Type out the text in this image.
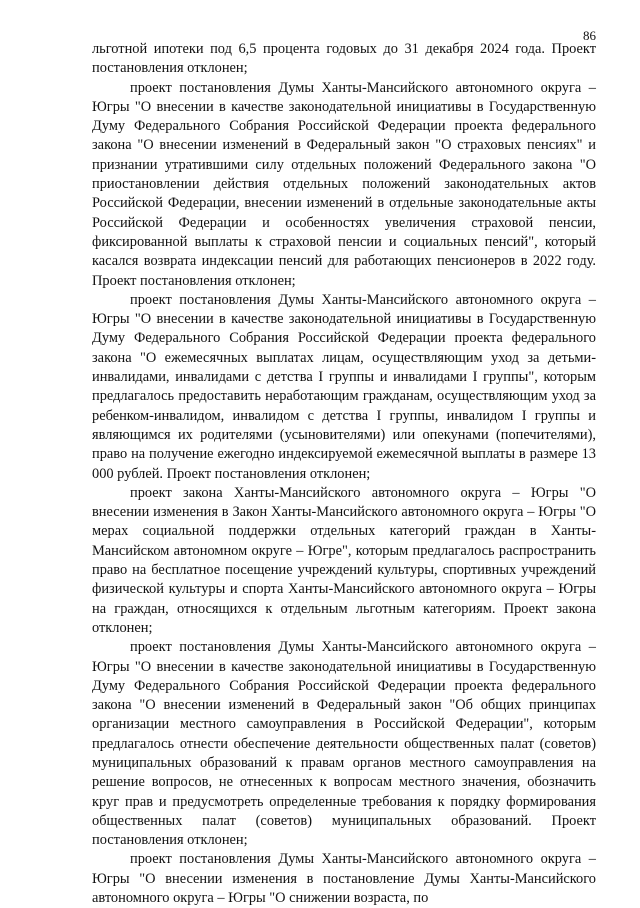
86

льготной ипотеки под 6,5 процента годовых до 31 декабря 2024 года. Проект постановления отклонен;

проект постановления Думы Ханты-Мансийского автономного округа – Югры "О внесении в качестве законодательной инициативы в Государственную Думу Федерального Собрания Российской Федерации проекта федерального закона "О внесении изменений в Федеральный закон "О страховых пенсиях" и признании утратившими силу отдельных положений Федерального закона "О приостановлении действия отдельных положений законодательных актов Российской Федерации, внесении изменений в отдельные законодательные акты Российской Федерации и особенностях увеличения страховой пенсии, фиксированной выплаты к страховой пенсии и социальных пенсий", который касался возврата индексации пенсий для работающих пенсионеров в 2022 году. Проект постановления отклонен;

проект постановления Думы Ханты-Мансийского автономного округа – Югры "О внесении в качестве законодательной инициативы в Государственную Думу Федерального Собрания Российской Федерации проекта федерального закона "О ежемесячных выплатах лицам, осуществляющим уход за детьми-инвалидами, инвалидами с детства I группы и инвалидами I группы", которым предлагалось предоставить неработающим гражданам, осуществляющим уход за ребенком-инвалидом, инвалидом с детства I группы, инвалидом I группы и являющимся их родителями (усыновителями) или опекунами (попечителями), право на получение ежегодно индексируемой ежемесячной выплаты в размере 13 000 рублей. Проект постановления отклонен;

проект закона Ханты-Мансийского автономного округа – Югры "О внесении изменения в Закон Ханты-Мансийского автономного округа – Югры "О мерах социальной поддержки отдельных категорий граждан в Ханты-Мансийском автономном округе – Югре", которым предлагалось распространить право на бесплатное посещение учреждений культуры, спортивных учреждений физической культуры и спорта Ханты-Мансийского автономного округа – Югры на граждан, относящихся к отдельным льготным категориям. Проект закона отклонен;

проект постановления Думы Ханты-Мансийского автономного округа – Югры "О внесении в качестве законодательной инициативы в Государственную Думу Федерального Собрания Российской Федерации проекта федерального закона "О внесении изменений в Федеральный закон "Об общих принципах организации местного самоуправления в Российской Федерации", которым предлагалось отнести обеспечение деятельности общественных палат (советов) муниципальных образований к правам органов местного самоуправления на решение вопросов, не отнесенных к вопросам местного значения, обозначить круг прав и предусмотреть определенные требования к порядку формирования общественных палат (советов) муниципальных образований. Проект постановления отклонен;

проект постановления Думы Ханты-Мансийского автономного округа – Югры "О внесении изменения в постановление Думы Ханты-Мансийского автономного округа – Югры "О снижении возраста, по
